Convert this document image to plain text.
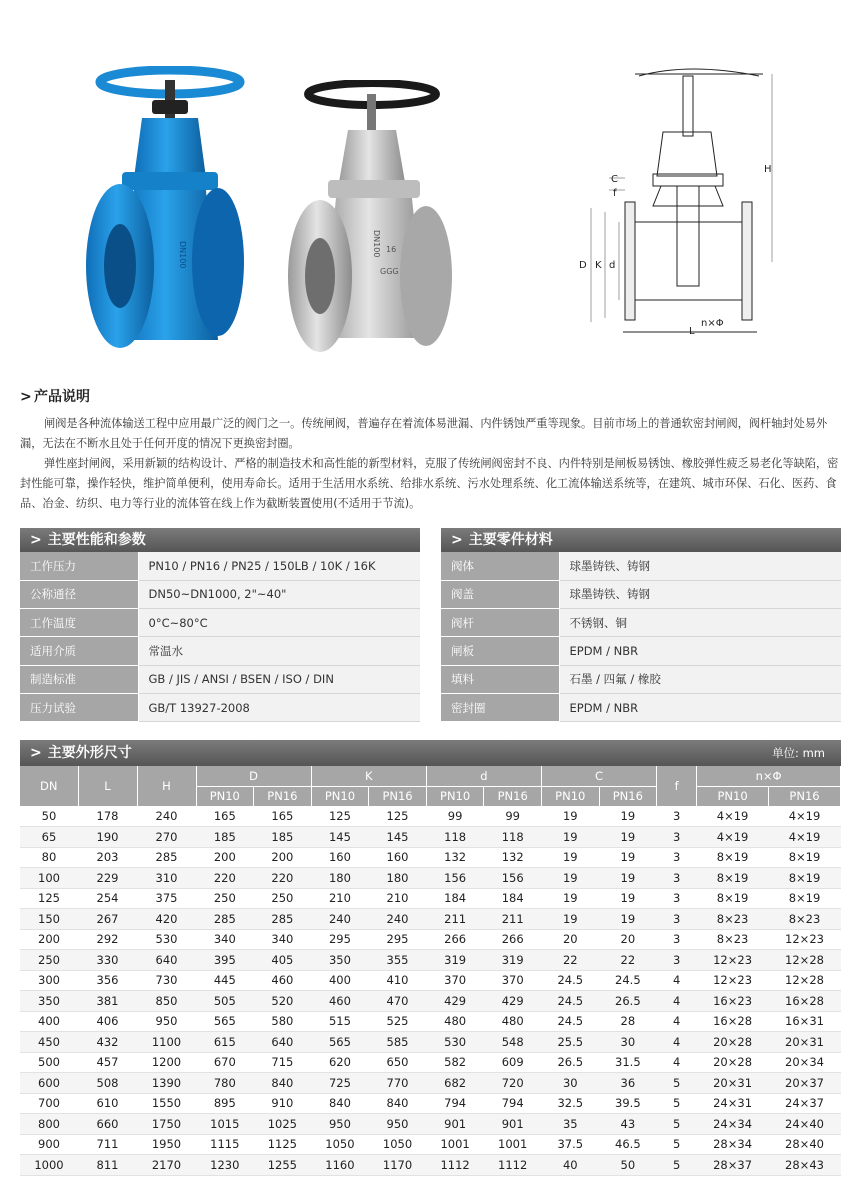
DN100	DN100 16
GGG
H
C
f
D K d
L
n×Φ
> 产品说明
闸阀是各种流体输送工程中应用最广泛的阀门之一。传统闸阀，普遍存在着流体易泄漏、内件锈蚀严重等现象。目前市场上的普通软密封闸阀，阀杆轴封处易外漏，无法在不断水且处于任何开度的情况下更换密封圈。
弹性座封闸阀，采用新颖的结构设计、严格的制造技术和高性能的新型材料，克服了传统闸阀密封不良、内件特别是闸板易锈蚀、橡胶弹性疲乏易老化等缺陷，密封性能可靠，操作轻快，维护简单便利，使用寿命长。适用于生活用水系统、给排水系统、污水处理系统、化工流体输送系统等，在建筑、城市环保、石化、医药、食品、冶金、纺织、电力等行业的流体管在线上作为截断装置使用(不适用于节流)。
> 主要性能和参数
工作压力	PN10 / PN16 / PN25 / 150LB / 10K / 16K
公称通径	DN50~DN1000, 2"~40"
工作温度	0°C~80°C
适用介质	常温水
制造标准	GB / JIS / ANSI / BSEN / ISO / DIN
压力试验	GB/T 13927-2008
> 主要零件材料
阀体	球墨铸铁、铸钢
阀盖	球墨铸铁、铸钢
阀杆	不锈钢、铜
闸板	EPDM / NBR
填料	石墨 / 四氟 / 橡胶
密封圈	EPDM / NBR
> 主要外形尺寸	单位: mm
DN	L	H	D		K		d		C		f	n×Φ	
			PN10	PN16	PN10	PN16	PN10	PN16	PN10	PN16		PN10	PN16
50	178	240	165	165	125	125	99	99	19	19	3	4×19	4×19
65	190	270	185	185	145	145	118	118	19	19	3	4×19	4×19
80	203	285	200	200	160	160	132	132	19	19	3	8×19	8×19
100	229	310	220	220	180	180	156	156	19	19	3	8×19	8×19
125	254	375	250	250	210	210	184	184	19	19	3	8×19	8×19
150	267	420	285	285	240	240	211	211	19	19	3	8×23	8×23
200	292	530	340	340	295	295	266	266	20	20	3	8×23	12×23
250	330	640	395	405	350	355	319	319	22	22	3	12×23	12×28
300	356	730	445	460	400	410	370	370	24.5	24.5	4	12×23	12×28
350	381	850	505	520	460	470	429	429	24.5	26.5	4	16×23	16×28
400	406	950	565	580	515	525	480	480	24.5	28	4	16×28	16×31
450	432	1100	615	640	565	585	530	548	25.5	30	4	20×28	20×31
500	457	1200	670	715	620	650	582	609	26.5	31.5	4	20×28	20×34
600	508	1390	780	840	725	770	682	720	30	36	5	20×31	20×37
700	610	1550	895	910	840	840	794	794	32.5	39.5	5	24×31	24×37
800	660	1750	1015	1025	950	950	901	901	35	43	5	24×34	24×40
900	711	1950	1115	1125	1050	1050	1001	1001	37.5	46.5	5	28×34	28×40
1000	811	2170	1230	1255	1160	1170	1112	1112	40	50	5	28×37	28×43
